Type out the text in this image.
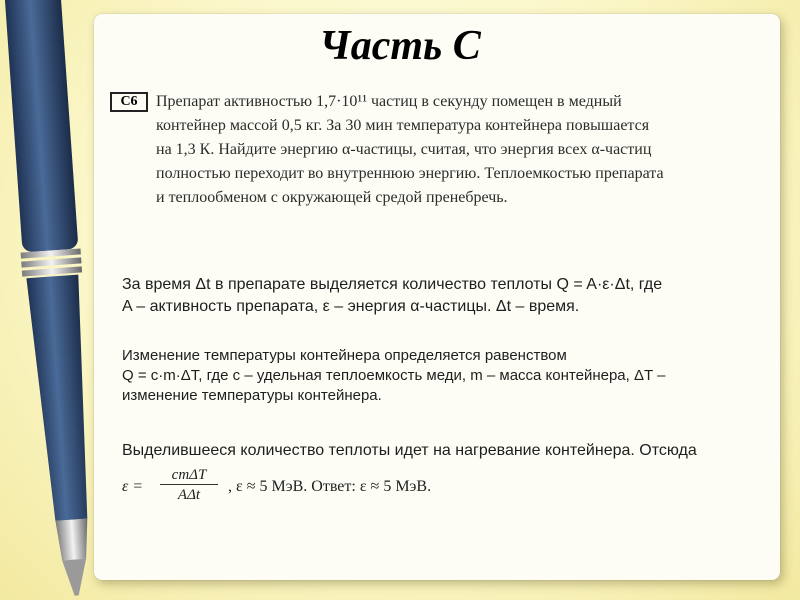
Часть С
C6	Препарат активностью 1,7·10¹¹ частиц в секунду помещен в медный

контейнер массой 0,5 кг. За 30 мин температура контейнера повышается

на 1,3 К. Найдите энергию α-частицы, считая, что энергия всех α-частиц

полностью переходит во внутреннюю энергию. Теплоемкостью препарата

и теплообменом с окружающей средой пренебречь.

За время Δt в препарате выделяется количество теплоты Q = A·ε·Δt, где

A – активность препарата, ε – энергия α-частицы. Δt – время.

Изменение температуры контейнера определяется равенством

Q = c·m·ΔT, где c – удельная теплоемкость меди, m – масса контейнера, ΔT –

изменение температуры контейнера.

Выделившееся количество теплоты идет на нагревание контейнера. Отсюда

ε =
cmΔT
AΔt	, ε ≈ 5 МэВ. Ответ: ε ≈ 5 МэВ.
